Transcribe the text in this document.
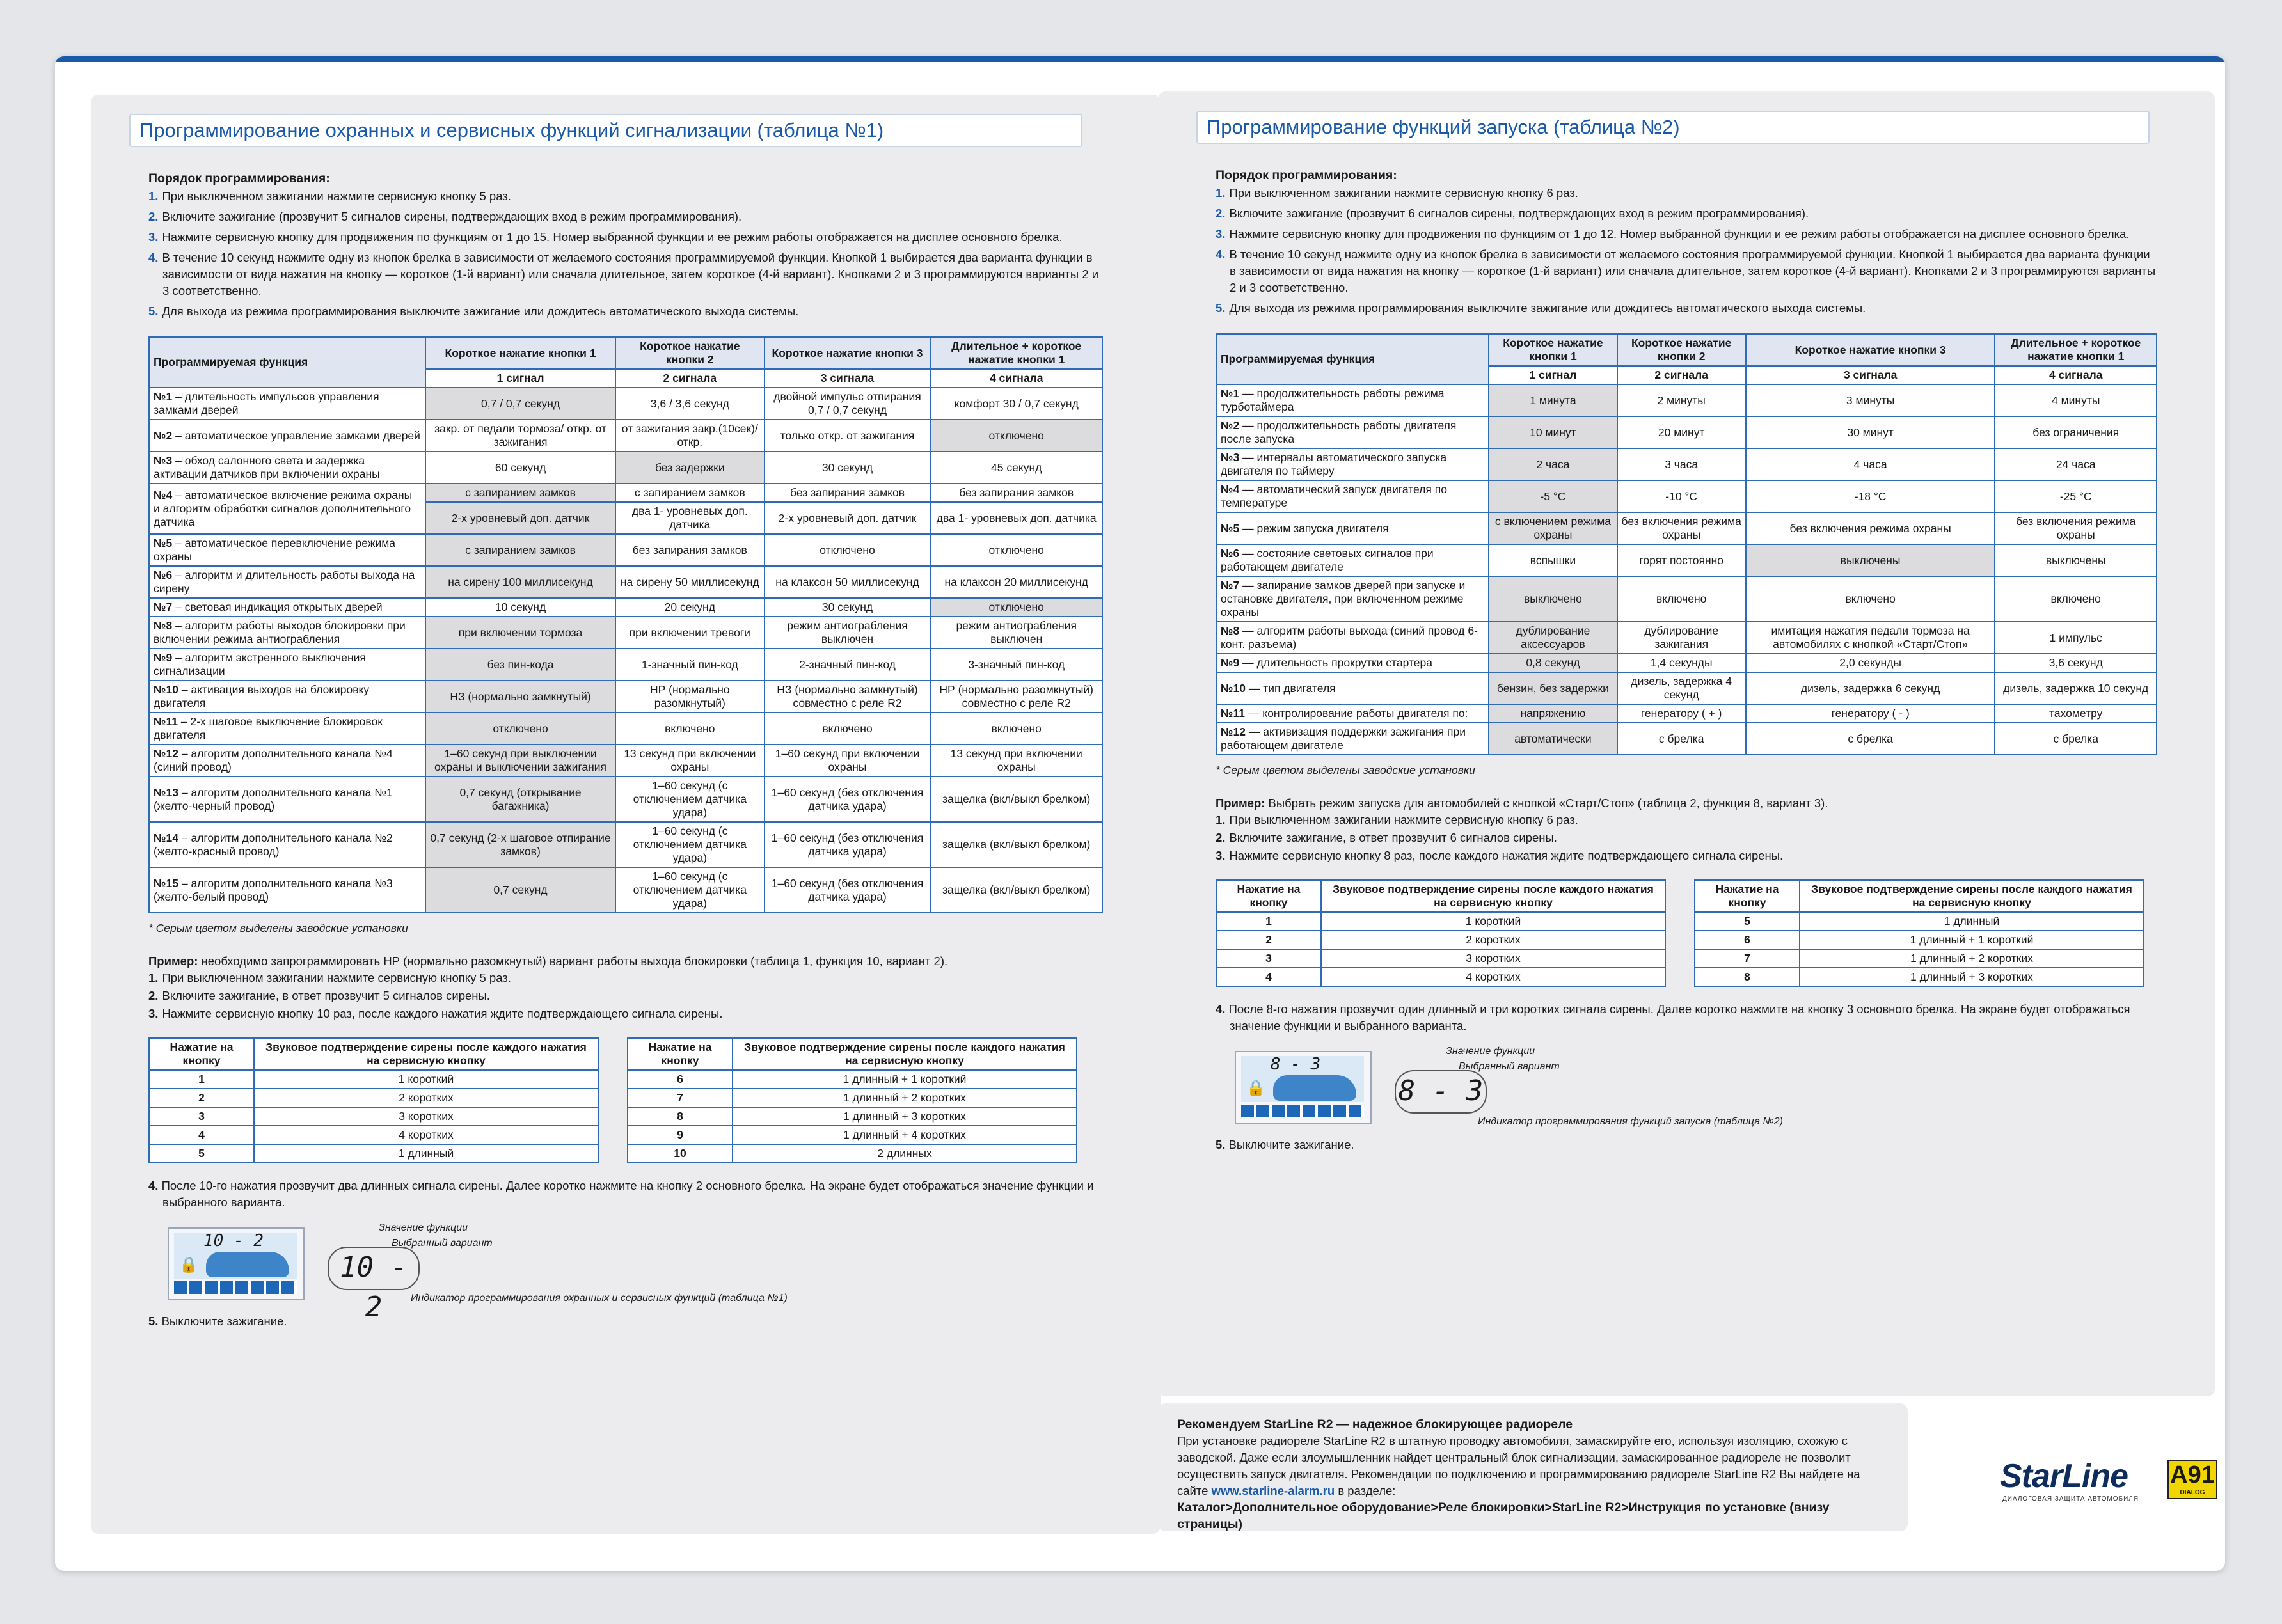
Программирование охранных и сервисных функций сигнализации (таблица №1)
Порядок программирования:
1. При выключенном зажигании нажмите сервисную кнопку 5 раз.
2. Включите зажигание (прозвучит 5 сигналов сирены, подтверждающих вход в режим программирования).
3. Нажмите сервисную кнопку для продвижения по функциям от 1 до 15. Номер выбранной функции и ее режим работы отображается на дисплее основного брелка.
4. В течение 10 секунд нажмите одну из кнопок брелка в зависимости от желаемого состояния программируемой функции. Кнопкой 1 выбирается два варианта функции в зависимости от вида нажатия на кнопку — короткое (1-й вариант) или сначала длительное, затем короткое (4-й вариант). Кнопками 2 и 3 программируются варианты 2 и 3 соответственно.
5. Для выхода из режима программирования выключите зажигание или дождитесь автоматического выхода системы.
Программируемая функция	Короткое нажатие кнопки 1	Короткое нажатие кнопки 2	Короткое нажатие кнопки 3	Длительное + короткое нажатие кнопки 1
	1 сигнал	2 сигнала	3 сигнала	4 сигнала
№1 – длительность импульсов управления замками дверей	0,7 / 0,7 секунд	3,6 / 3,6 секунд	двойной импульс отпирания 0,7 / 0,7 секунд	комфорт 30 / 0,7 секунд
№2 – автоматическое управление замками дверей	закр. от педали тормоза/ откр. от зажигания	от зажигания закр.(10сек)/ откр.	только откр. от зажигания	отключено
№3 – обход салонного света и задержка активации датчиков при включении охраны	60 секунд	без задержки	30 секунд	45 секунд
№4 – автоматическое включение режима охраны и алгоритм обработки сигналов дополнительного датчика	с запиранием замков	с запиранием замков	без запирания замков	без запирания замков
	2-х уровневый доп. датчик	два 1- уровневых доп. датчика	2-х уровневый доп. датчик	два 1- уровневых доп. датчика
№5 – автоматическое перевключение режима охраны	с запиранием замков	без запирания замков	отключено	отключено
№6 – алгоритм и длительность работы выхода на сирену	на сирену 100 миллисекунд	на сирену 50 миллисекунд	на клаксон 50 миллисекунд	на клаксон 20 миллисекунд
№7 – световая индикация открытых дверей	10 секунд	20 секунд	30 секунд	отключено
№8 – алгоритм работы выходов блокировки при включении режима антиограбления	при включении тормоза	при включении тревоги	режим антиограбления выключен	режим антиограбления выключен
№9 – алгоритм экстренного выключения сигнализации	без пин-кода	1-значный пин-код	2-значный пин-код	3-значный пин-код
№10 – активация выходов на блокировку двигателя	НЗ (нормально замкнутый)	НР (нормально разомкнутый)	НЗ (нормально замкнутый) совместно с реле R2	НР (нормально разомкнутый) совместно с реле R2
№11 – 2-х шаговое выключение блокировок двигателя	отключено	включено	включено	включено
№12 – алгоритм дополнительного канала №4 (синий провод)	1–60 секунд при выключении охраны и выключении зажигания	13 секунд при включении охраны	1–60 секунд при включении охраны	13 секунд при включении охраны
№13 – алгоритм дополнительного канала №1 (желто-черный провод)	0,7 секунд (открывание багажника)	1–60 секунд (с отключением датчика удара)	1–60 секунд (без отключения датчика удара)	защелка (вкл/выкл брелком)
№14 – алгоритм дополнительного канала №2 (желто-красный провод)	0,7 секунд (2-х шаговое отпирание замков)	1–60 секунд (с отключением датчика удара)	1–60 секунд (без отключения датчика удара)	защелка (вкл/выкл брелком)
№15 – алгоритм дополнительного канала №3 (желто-белый провод)	0,7 секунд	1–60 секунд (с отключением датчика удара)	1–60 секунд (без отключения датчика удара)	защелка (вкл/выкл брелком)
* Серым цветом выделены заводские установки
Пример: необходимо запрограммировать НР (нормально разомкнутый) вариант работы выхода блокировки (таблица 1, функция 10, вариант 2).
1. При выключенном зажигании нажмите сервисную кнопку 5 раз.
2. Включите зажигание, в ответ прозвучит 5 сигналов сирены.
3. Нажмите сервисную кнопку 10 раз, после каждого нажатия ждите подтверждающего сигнала сирены.
Нажатие на кнопку	Звуковое подтверждение сирены после каждого нажатия на сервисную кнопку
1	1 короткий
2	2 коротких
3	3 коротких
4	4 коротких
5	1 длинный
Нажатие на кнопку	Звуковое подтверждение сирены после каждого нажатия на сервисную кнопку
6	1 длинный + 1 короткий
7	1 длинный + 2 коротких
8	1 длинный + 3 коротких
9	1 длинный + 4 коротких
10	2 длинных
4. После 10-го нажатия прозвучит два длинных сигнала сирены. Далее коротко нажмите на кнопку 2 основного брелка. На экране будет отображаться значение функции и выбранного варианта.
10 - 2
🔒	10 - 2
Значение функции
Выбранный вариант
Индикатор программирования охранных и сервисных функций (таблица №1)
5. Выключите зажигание.
Программирование функций запуска (таблица №2)
Порядок программирования:
1. При выключенном зажигании нажмите сервисную кнопку 6 раз.
2. Включите зажигание (прозвучит 6 сигналов сирены, подтверждающих вход в режим программирования).
3. Нажмите сервисную кнопку для продвижения по функциям от 1 до 12. Номер выбранной функции и ее режим работы отображается на дисплее основного брелка.
4. В течение 10 секунд нажмите одну из кнопок брелка в зависимости от желаемого состояния программируемой функции. Кнопкой 1 выбирается два варианта функции в зависимости от вида нажатия на кнопку — короткое (1-й вариант) или сначала длительное, затем короткое (4-й вариант). Кнопками 2 и 3 программируются варианты 2 и 3 соответственно.
5. Для выхода из режима программирования выключите зажигание или дождитесь автоматического выхода системы.
Программируемая функция	Короткое нажатие кнопки 1	Короткое нажатие кнопки 2	Короткое нажатие кнопки 3	Длительное + короткое нажатие кнопки 1
	1 сигнал	2 сигнала	3 сигнала	4 сигнала
№1 — продолжительность работы режима турботаймера	1 минута	2 минуты	3 минуты	4 минуты
№2 — продолжительность работы двигателя после запуска	10 минут	20 минут	30 минут	без ограничения
№3 — интервалы автоматического запуска двигателя по таймеру	2 часа	3 часа	4 часа	24 часа
№4 — автоматический запуск двигателя по температуре	-5 °С	-10 °С	-18 °С	-25 °С
№5 — режим запуска двигателя	с включением режима охраны	без включения режима охраны	без включения режима охраны	без включения режима охраны
№6 — состояние световых сигналов при работающем двигателе	вспышки	горят постоянно	выключены	выключены
№7 — запирание замков дверей при запуске и остановке двигателя, при включенном режиме охраны	выключено	включено	включено	включено
№8 — алгоритм работы выхода (синий провод 6-конт. разъема)	дублирование аксессуаров	дублирование зажигания	имитация нажатия педали тормоза на автомобилях с кнопкой «Старт/Стоп»	1 импульс
№9 — длительность прокрутки стартера	0,8 секунд	1,4 секунды	2,0 секунды	3,6 секунд
№10 — тип двигателя	бензин, без задержки	дизель, задержка 4 секунд	дизель, задержка 6 секунд	дизель, задержка 10 секунд
№11 — контролирование работы двигателя по:	напряжению	генератору ( + )	генератору ( - )	тахометру
№12 — активизация поддержки зажигания при работающем двигателе	автоматически	с брелка	с брелка	с брелка
* Серым цветом выделены заводские установки
Пример: Выбрать режим запуска для автомобилей с кнопкой «Старт/Стоп» (таблица 2, функция 8, вариант 3).
1. При выключенном зажигании нажмите сервисную кнопку 6 раз.
2. Включите зажигание, в ответ прозвучит 6 сигналов сирены.
3. Нажмите сервисную кнопку 8 раз, после каждого нажатия ждите подтверждающего сигнала сирены.
Нажатие на кнопку	Звуковое подтверждение сирены после каждого нажатия на сервисную кнопку
1	1 короткий
2	2 коротких
3	3 коротких
4	4 коротких
Нажатие на кнопку	Звуковое подтверждение сирены после каждого нажатия на сервисную кнопку
5	1 длинный
6	1 длинный + 1 короткий
7	1 длинный + 2 коротких
8	1 длинный + 3 коротких
4. После 8-го нажатия прозвучит один длинный и три коротких сигнала сирены. Далее коротко нажмите на кнопку 3 основного брелка. На экране будет отображаться значение функции и выбранного варианта.
8 - 3
🔒	8 - 3
Значение функции
Выбранный вариант
Индикатор программирования функций запуска (таблица №2)
5. Выключите зажигание.
Рекомендуем StarLine R2 — надежное блокирующее радиореле
При установке радиореле StarLine R2 в штатную проводку автомобиля, замаскируйте его, используя изоляцию, схожую с заводской. Даже если злоумышленник найдет центральный блок сигнализации, замаскированное радиореле не позволит осуществить запуск двигателя. Рекомендации по подключению и программированию радиореле StarLine R2 Вы найдете на сайте www.starline-alarm.ru в разделе:
Каталог>Дополнительное оборудование>Реле блокировки>StarLine R2>Инструкция по установке (внизу страницы)
StarLine
ДИАЛОГОВАЯ ЗАЩИТА АВТОМОБИЛЯ
A91
DIALOG
